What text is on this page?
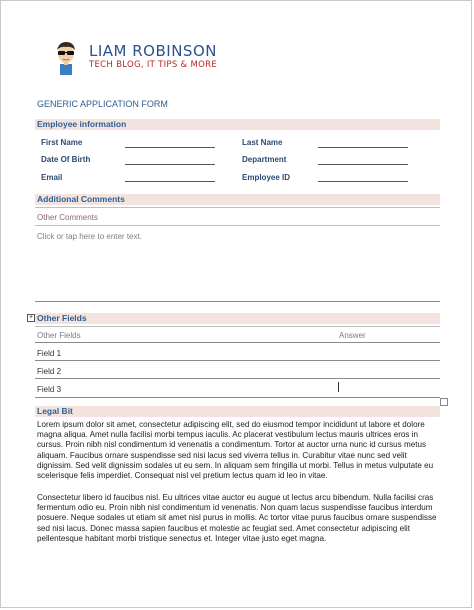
LIAM ROBINSON
TECH BLOG, IT TIPS & MORE
GENERIC APPLICATION FORM
Employee information
First Name	Last Name
Date Of Birth	Department
Email	Employee ID
Additional Comments
Other Comments
Click or tap here to enter text.
+ Other Fields
Other Fields	Answer
Field 1
Field 2
Field 3
Legal Bit
Lorem ipsum dolor sit amet, consectetur adipiscing elit, sed do eiusmod tempor incididunt ut labore et dolore magna aliqua. Amet nulla facilisi morbi tempus iaculis. Ac placerat vestibulum lectus mauris ultrices eros in cursus. Proin nibh nisl condimentum id venenatis a condimentum. Tortor at auctor urna nunc id cursus metus aliquam. Faucibus ornare suspendisse sed nisi lacus sed viverra tellus in. Curabitur vitae nunc sed velit dignissim. Sed velit dignissim sodales ut eu sem. In aliquam sem fringilla ut morbi. Tellus in metus vulputate eu scelerisque felis imperdiet. Consequat nisl vel pretium lectus quam id leo in vitae.
Consectetur libero id faucibus nisl. Eu ultrices vitae auctor eu augue ut lectus arcu bibendum. Nulla facilisi cras fermentum odio eu. Proin nibh nisl condimentum id venenatis. Non quam lacus suspendisse faucibus interdum posuere. Neque sodales ut etiam sit amet nisl purus in mollis. Ac tortor vitae purus faucibus ornare suspendisse sed nisi lacus. Donec massa sapien faucibus et molestie ac feugiat sed. Amet consectetur adipiscing elit pellentesque habitant morbi tristique senectus et. Integer vitae justo eget magna.
